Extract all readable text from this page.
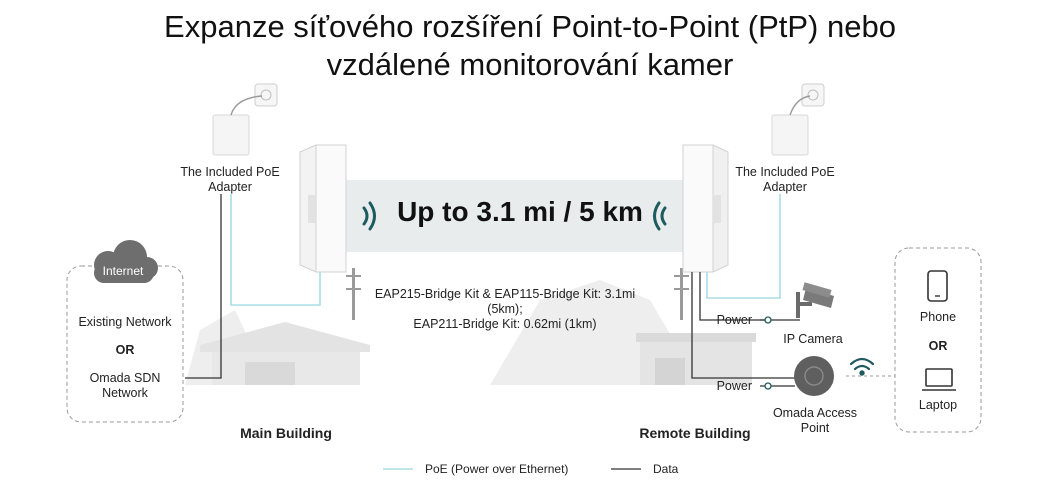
Expanze síťového rozšíření Point-to-Point (PtP) nebo
vzdálené monitorování kamer
Up to 3.1 mi / 5 km
EAP215-Bridge Kit & EAP115-Bridge Kit: 3.1mi (5km);
EAP211-Bridge Kit: 0.62mi (1km)
The Included PoE
Adapter
The Included PoE
Adapter
Internet
Existing Network
OR
Omada SDN
Network
Main Building	Remote Building
Power
Power
IP Camera
Omada Access
Point
Phone
OR
Laptop
PoE (Power over Ethernet)	Data
